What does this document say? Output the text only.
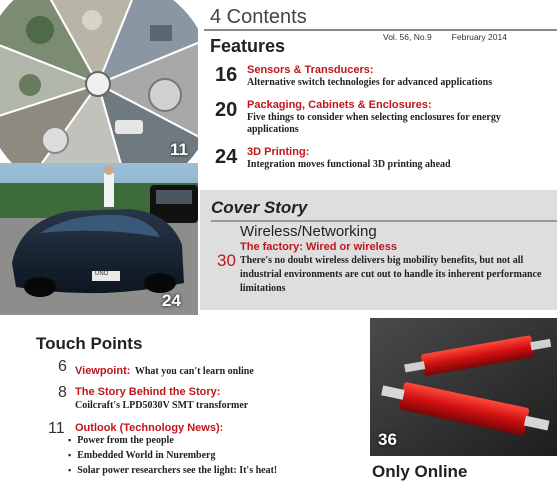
11
UNO
24
4 Contents
Features	Vol. 56, No.9 February 2014
16 Sensors & Transducers:
Alternative switch technologies for advanced applications
20 Packaging, Cabinets & Enclosures:
Five things to consider when selecting enclosures for energy applications
24 3D Printing:
Integration moves functional 3D printing ahead
Cover Story
Wireless/Networking
The factory: Wired or wireless
30 There's no doubt wireless delivers big mobility benefits, but not all industrial environments are cut out to handle its inherent performance limitations
Touch Points
6 Viewpoint: What you can't learn online
8 The Story Behind the Story:
Coilcraft's LPD5030V SMT transformer
11 Outlook (Technology News):
▪ Power from the people
▪ Embedded World in Nuremberg
▪ Solar power researchers see the light: It's heat!
36
Only Online
